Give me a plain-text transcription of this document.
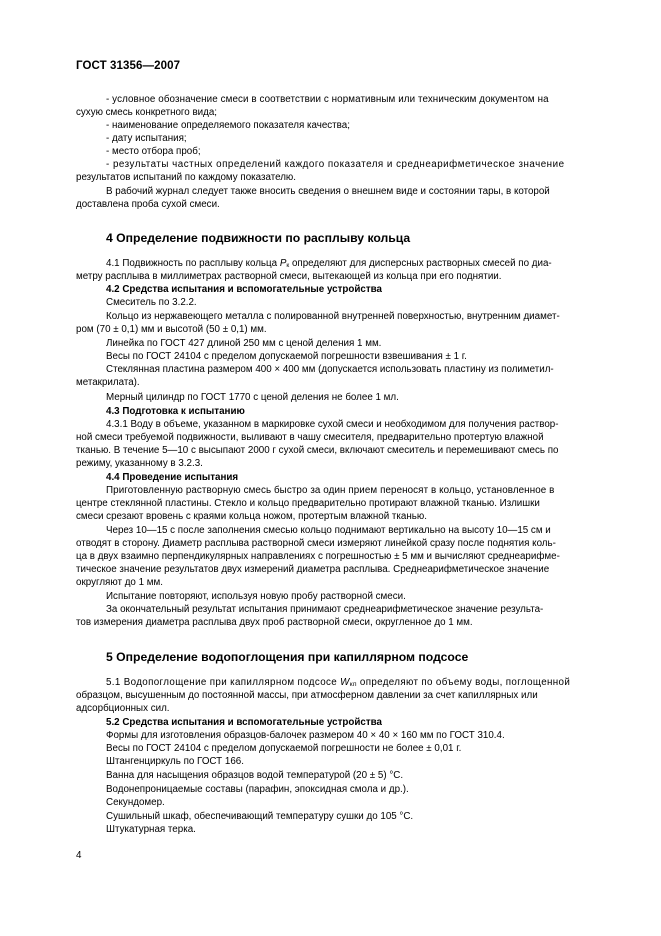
ГОСТ 31356—2007
- условное обозначение смеси в соответствии с нормативным или техническим документом на
сухую смесь конкретного вида;
- наименование определяемого показателя качества;
- дату испытания;
- место отбора проб;
- результаты частных определений каждого показателя и среднеарифметическое значение
результатов испытаний по каждому показателю.
В рабочий журнал следует также вносить сведения о внешнем виде и состоянии тары, в которой
доставлена проба сухой смеси.
4 Определение подвижности по расплыву кольца
4.1 Подвижность по расплыву кольца $P_к$ определяют для дисперсных растворных смесей по диа-
метру расплыва в миллиметрах растворной смеси, вытекающей из кольца при его поднятии.
4.2 Средства испытания и вспомогательные устройства
Смеситель по 3.2.2.
Кольцо из нержавеющего металла с полированной внутренней поверхностью, внутренним диамет-
ром (70 ± 0,1) мм и высотой (50 ± 0,1) мм.
Линейка по ГОСТ 427 длиной 250 мм с ценой деления 1 мм.
Весы по ГОСТ 24104 с пределом допускаемой погрешности взвешивания ± 1 г.
Стеклянная пластина размером 400 × 400 мм (допускается использовать пластину из полиметил-
метакрилата).
Мерный цилиндр по ГОСТ 1770 с ценой деления не более 1 мл.
4.3 Подготовка к испытанию
4.3.1 Воду в объеме, указанном в маркировке сухой смеси и необходимом для получения раствор-
ной смеси требуемой подвижности, выливают в чашу смесителя, предварительно протертую влажной
тканью. В течение 5—10 с высыпают 2000 г сухой смеси, включают смеситель и перемешивают смесь по
режиму, указанному в 3.2.3.
4.4 Проведение испытания
Приготовленную растворную смесь быстро за один прием переносят в кольцо, установленное в
центре стеклянной пластины. Стекло и кольцо предварительно протирают влажной тканью. Излишки
смеси срезают вровень с краями кольца ножом, протертым влажной тканью.
Через 10—15 с после заполнения смесью кольцо поднимают вертикально на высоту 10—15 см и
отводят в сторону. Диаметр расплыва растворной смеси измеряют линейкой сразу после поднятия коль-
ца в двух взаимно перпендикулярных направлениях с погрешностью ± 5 мм и вычисляют среднеарифме-
тическое значение результатов двух измерений диаметра расплыва. Среднеарифметическое значение
округляют до 1 мм.
Испытание повторяют, используя новую пробу растворной смеси.
За окончательный результат испытания принимают среднеарифметическое значение результа-
тов измерения диаметра расплыва двух проб растворной смеси, округленное до 1 мм.
5 Определение водопоглощения при капиллярном подсосе
5.1 Водопоглощение при капиллярном подсосе $W_{кп}$ определяют по объему воды, поглощенной
образцом, высушенным до постоянной массы, при атмосферном давлении за счет капиллярных или
адсорбционных сил.
5.2 Средства испытания и вспомогательные устройства
Формы для изготовления образцов-балочек размером 40 × 40 × 160 мм по ГОСТ 310.4.
Весы по ГОСТ 24104 с пределом допускаемой погрешности не более ± 0,01 г.
Штангенциркуль по ГОСТ 166.
Ванна для насыщения образцов водой температурой (20 ± 5) °С.
Водонепроницаемые составы (парафин, эпоксидная смола и др.).
Секундомер.
Сушильный шкаф, обеспечивающий температуру сушки до 105 °С.
Штукатурная терка.
4
